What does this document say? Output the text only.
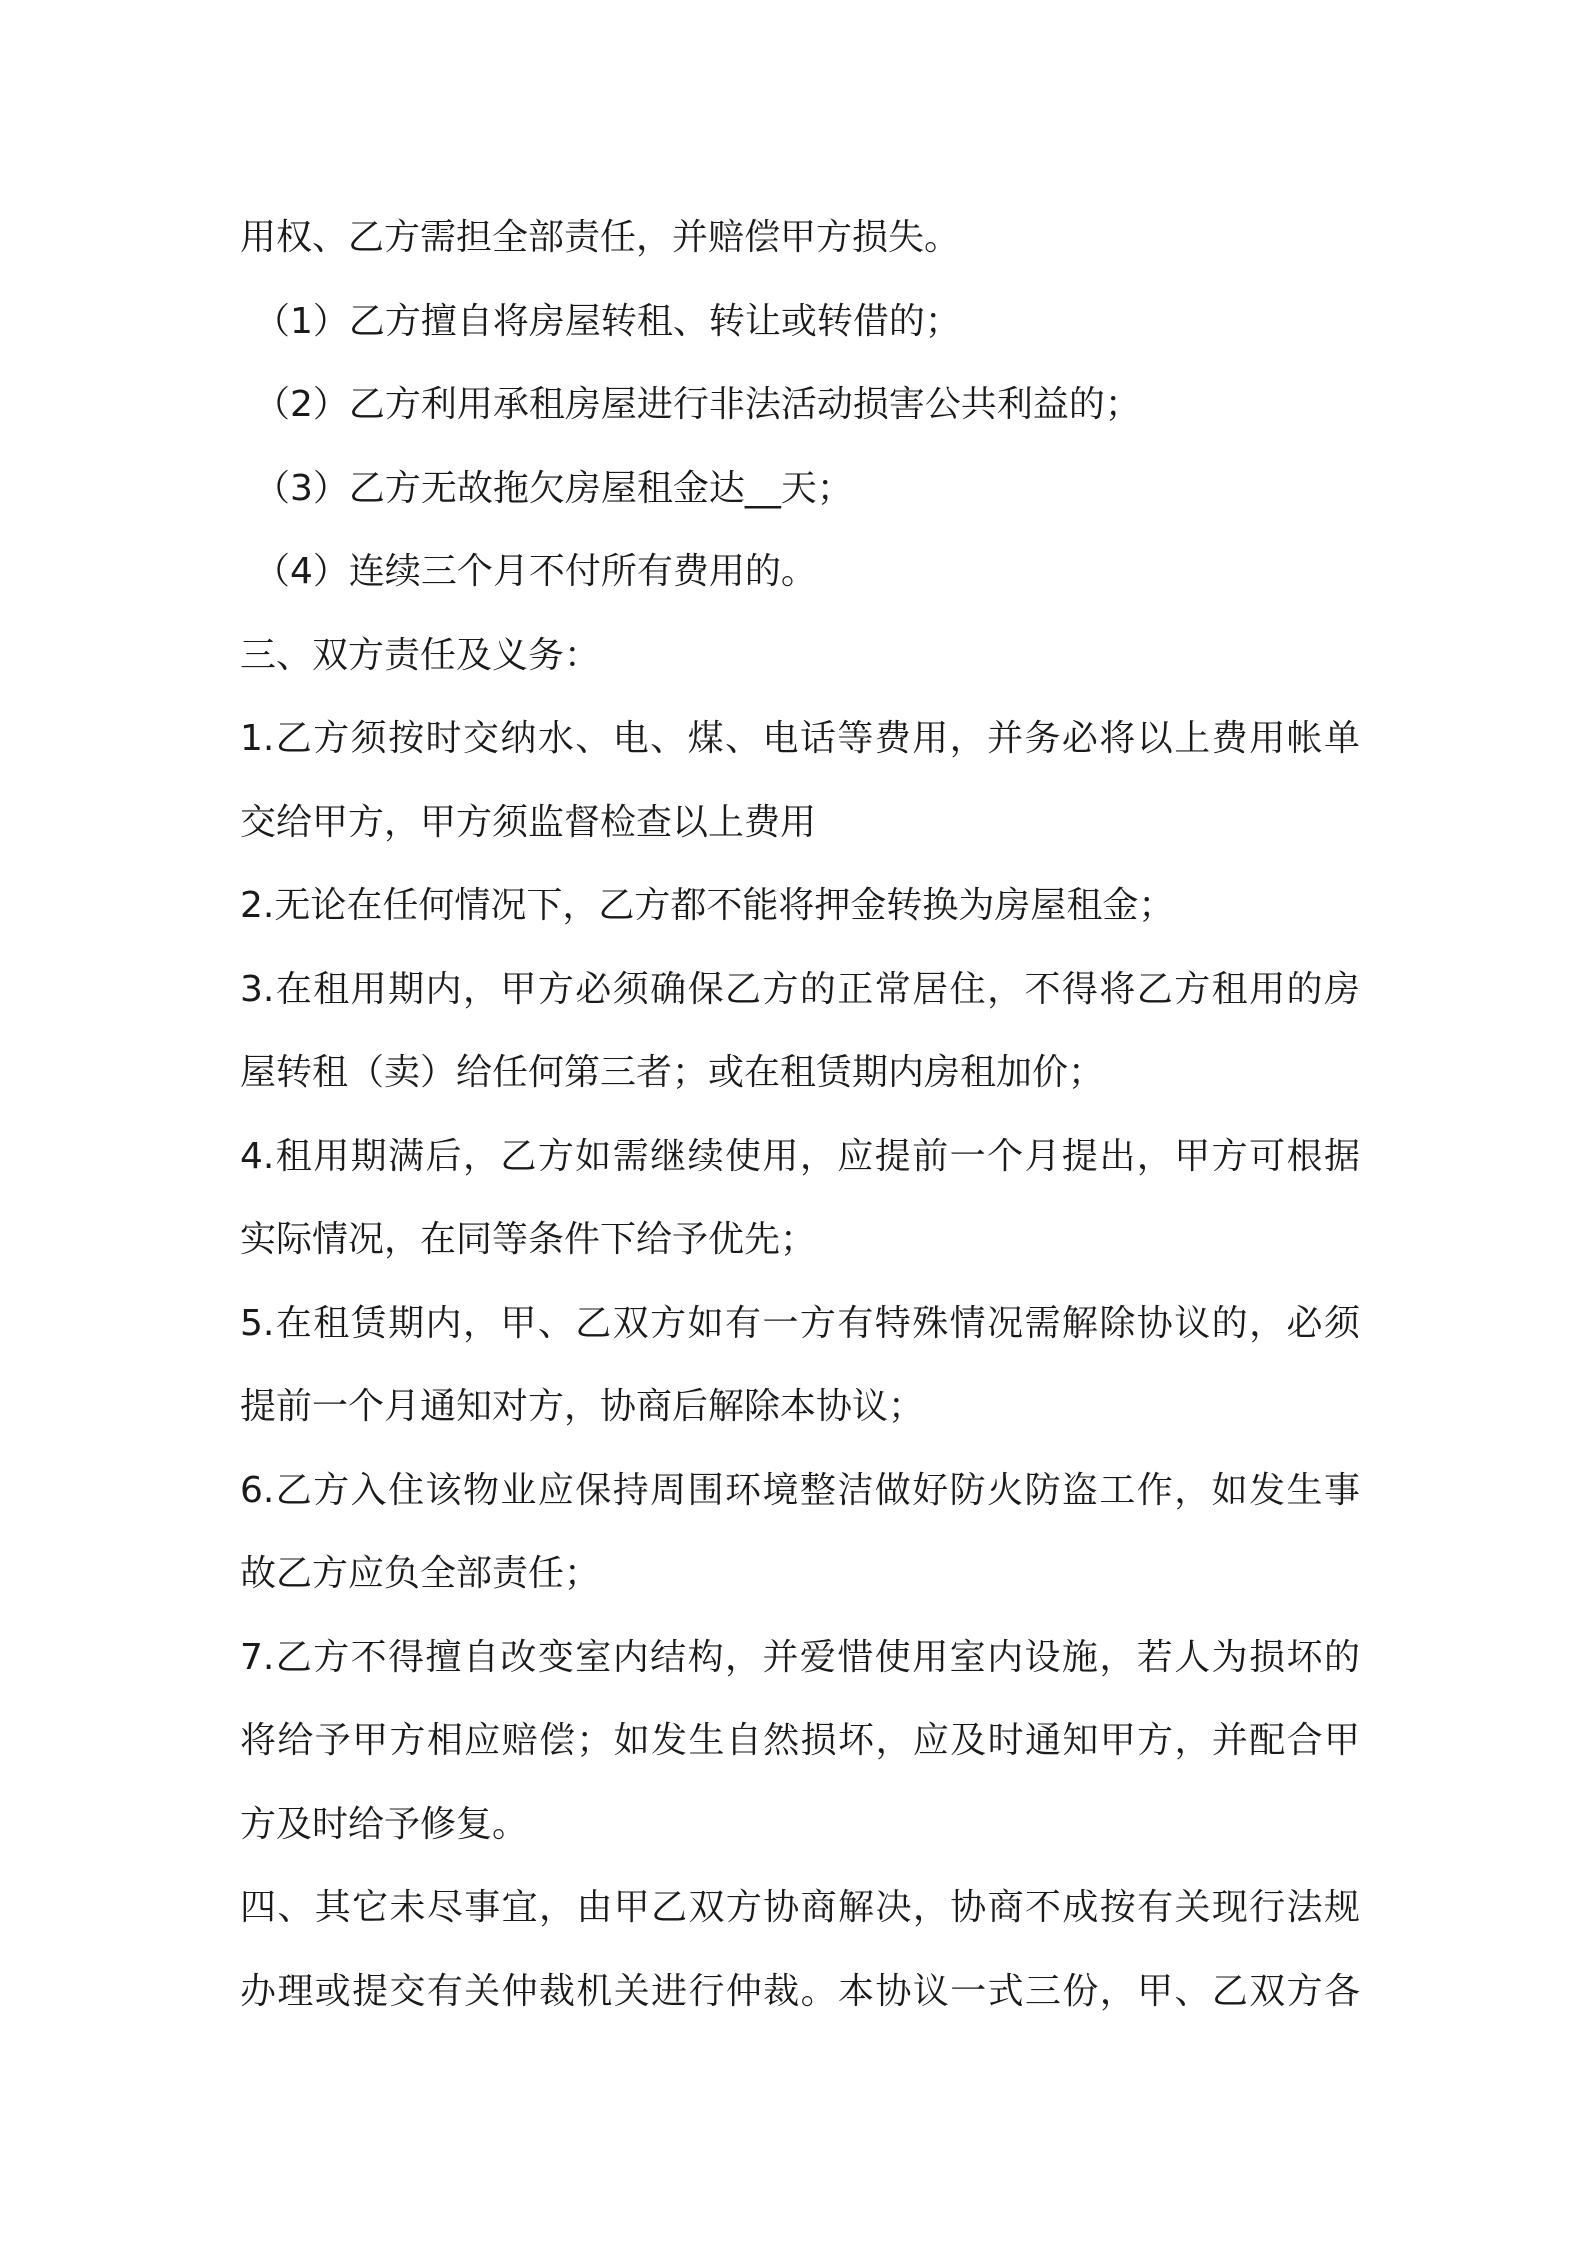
用权、乙方需担全部责任，并赔偿甲方损失。
（1）乙方擅自将房屋转租、转让或转借的；
（2）乙方利用承租房屋进行非法活动损害公共利益的；
（3）乙方无故拖欠房屋租金达__天；
（4）连续三个月不付所有费用的。
三、双方责任及义务：
1.乙方须按时交纳水、电、煤、电话等费用，并务必将以上费用帐单
交给甲方，甲方须监督检查以上费用
2.无论在任何情况下，乙方都不能将押金转换为房屋租金；
3.在租用期内，甲方必须确保乙方的正常居住，不得将乙方租用的房
屋转租（卖）给任何第三者；或在租赁期内房租加价；
4.租用期满后，乙方如需继续使用，应提前一个月提出，甲方可根据
实际情况，在同等条件下给予优先；
5.在租赁期内，甲、乙双方如有一方有特殊情况需解除协议的，必须
提前一个月通知对方，协商后解除本协议；
6.乙方入住该物业应保持周围环境整洁做好防火防盗工作，如发生事
故乙方应负全部责任；
7.乙方不得擅自改变室内结构，并爱惜使用室内设施，若人为损坏的
将给予甲方相应赔偿；如发生自然损坏，应及时通知甲方，并配合甲
方及时给予修复。
四、其它未尽事宜，由甲乙双方协商解决，协商不成按有关现行法规
办理或提交有关仲裁机关进行仲裁。本协议一式三份，甲、乙双方各
